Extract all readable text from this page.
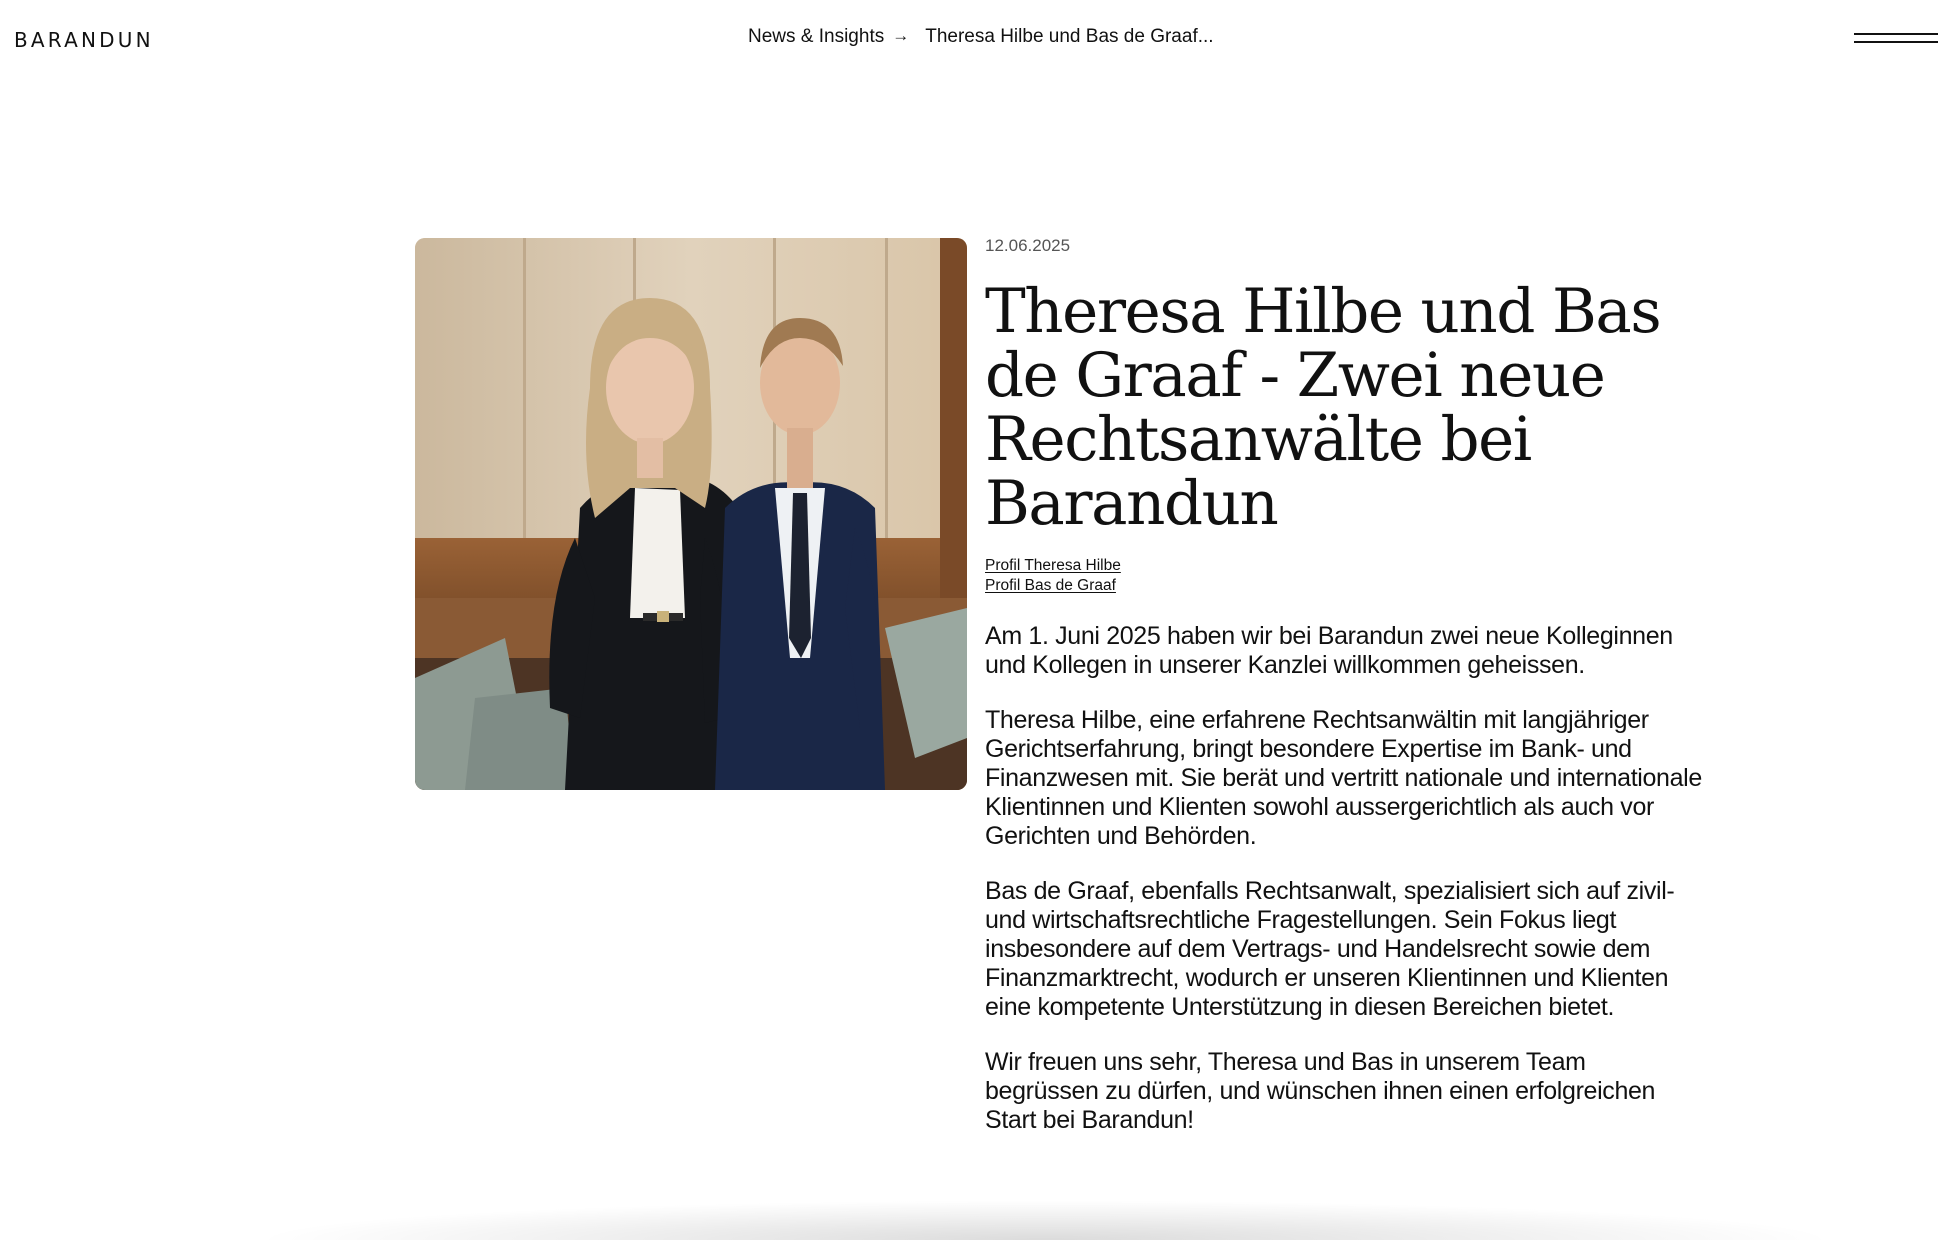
BARANDUN	News & Insights → Theresa Hilbe und Bas de Graaf...

12.06.2025

Theresa Hilbe und Bas de Graaf - Zwei neue Rechtsanwälte bei Barandun
Profil Theresa Hilbe
Profil Bas de Graaf

Am 1. Juni 2025 haben wir bei Barandun zwei neue Kolleginnen und Kollegen in unserer Kanzlei willkommen geheissen.

Theresa Hilbe, eine erfahrene Rechtsanwältin mit langjähriger Gerichtserfahrung, bringt besondere Expertise im Bank- und Finanzwesen mit. Sie berät und vertritt nationale und internationale Klientinnen und Klienten sowohl aussergerichtlich als auch vor Gerichten und Behörden.

Bas de Graaf, ebenfalls Rechtsanwalt, spezialisiert sich auf zivil- und wirtschaftsrechtliche Fragestellungen. Sein Fokus liegt insbesondere auf dem Vertrags- und Handelsrecht sowie dem Finanzmarktrecht, wodurch er unseren Klientinnen und Klienten eine kompetente Unterstützung in diesen Bereichen bietet.

Wir freuen uns sehr, Theresa und Bas in unserem Team begrüssen zu dürfen, und wünschen ihnen einen erfolgreichen Start bei Barandun!
